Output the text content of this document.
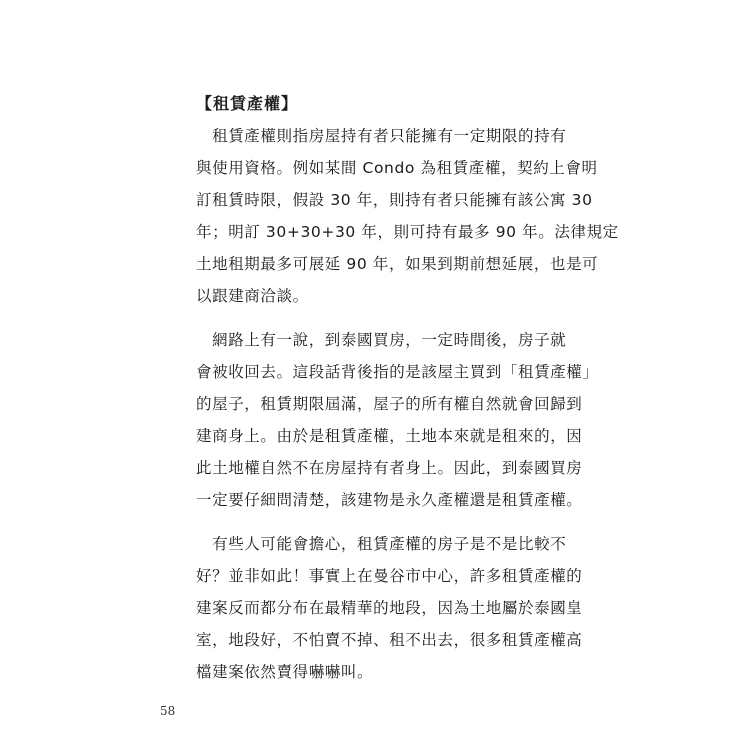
【租賃產權】

　租賃產權則指房屋持有者只能擁有一定期限的持有

與使用資格。例如某間 Condo 為租賃產權，契約上會明

訂租賃時限，假設 30 年，則持有者只能擁有該公寓 30

年；明訂 30+30+30 年，則可持有最多 90 年。法律規定

土地租期最多可展延 90 年，如果到期前想延展，也是可

以跟建商洽談。

　網路上有一說，到泰國買房，一定時間後，房子就

會被收回去。這段話背後指的是該屋主買到「租賃產權」

的屋子，租賃期限屆滿，屋子的所有權自然就會回歸到

建商身上。由於是租賃產權，土地本來就是租來的，因

此土地權自然不在房屋持有者身上。因此，到泰國買房

一定要仔細問清楚，該建物是永久產權還是租賃產權。

　有些人可能會擔心，租賃產權的房子是不是比較不

好？並非如此！事實上在曼谷市中心，許多租賃產權的

建案反而都分布在最精華的地段，因為土地屬於泰國皇

室，地段好，不怕賣不掉、租不出去，很多租賃產權高

檔建案依然賣得嚇嚇叫。

58
